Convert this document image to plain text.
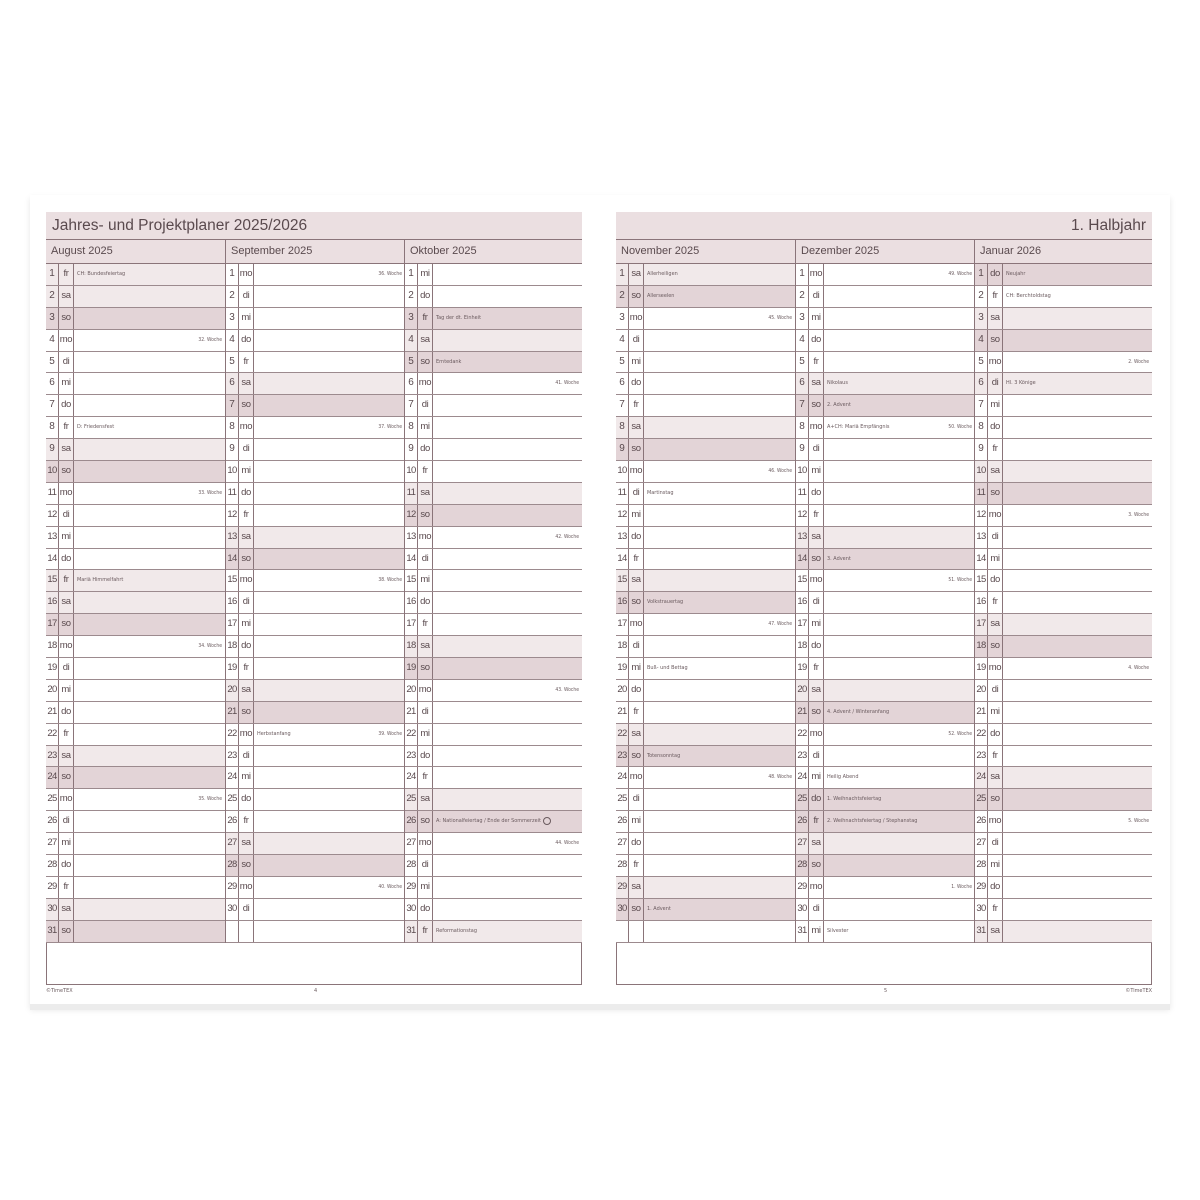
Jahres- und Projektplaner 2025/2026
August 2025
1 fr	CH: Bundesfeiertag
2 sa
3 so
4 mo	32. Woche
5 di
6 mi
7 do
8 fr	D: Friedensfest
9 sa
10 so
11 mo	33. Woche
12 di
13 mi
14 do
15 fr	Mariä Himmelfahrt
16 sa
17 so
18 mo	34. Woche
19 di
20 mi
21 do
22 fr
23 sa
24 so
25 mo	35. Woche
26 di
27 mi
28 do
29 fr
30 sa
31 so
September 2025
1 mo	36. Woche
2 di
3 mi
4 do
5 fr
6 sa
7 so
8 mo	37. Woche
9 di
10 mi
11 do
12 fr
13 sa
14 so
15 mo	38. Woche
16 di
17 mi
18 do
19 fr
20 sa
21 so
22 mo Herbstanfang	39. Woche
23 di
24 mi
25 do
26 fr
27 sa
28 so
29 mo	40. Woche
30 di
Oktober 2025
1 mi
2 do
3 fr	Tag der dt. Einheit
4 sa
5 so	Erntedank
6 mo	41. Woche
7 di
8 mi
9 do
10 fr
11 sa
12 so
13 mo	42. Woche
14 di
15 mi
16 do
17 fr
18 sa
19 so
20 mo	43. Woche
21 di
22 mi
23 do
24 fr
25 sa
26 so	A: Nationalfeiertag / Ende der Sommerzeit
27 mo	44. Woche
28 di
29 mi
30 do
31 fr	Reformationstag
©TimeTEX	4
1. Halbjahr
November 2025
1 sa	Allerheiligen
2 so	Allerseelen
3 mo	45. Woche
4 di
5 mi
6 do
7 fr
8 sa
9 so
10 mo	46. Woche
11 di	Martinstag
12 mi
13 do
14 fr
15 sa
16 so	Volkstrauertag
17 mo	47. Woche
18 di
19 mi	Buß- und Bettag
20 do
21 fr
22 sa
23 so	Totensonntag
24 mo	48. Woche
25 di
26 mi
27 do
28 fr
29 sa
30 so	1. Advent
Dezember 2025
1 mo	49. Woche
2 di
3 mi
4 do
5 fr
6 sa	Nikolaus
7 so	2. Advent
8 mo A+CH: Mariä Empfängnis	50. Woche
9 di
10 mi
11 do
12 fr
13 sa
14 so	3. Advent
15 mo	51. Woche
16 di
17 mi
18 do
19 fr
20 sa
21 so	4. Advent / Winteranfang
22 mo	52. Woche
23 di
24 mi	Heilig Abend
25 do	1. Weihnachtsfeiertag
26 fr	2. Weihnachtsfeiertag / Stephanstag
27 sa
28 so
29 mo	1. Woche
30 di
31 mi	Silvester
Januar 2026
1 do	Neujahr
2 fr	CH: Berchtoldstag
3 sa
4 so
5 mo	2. Woche
6 di	Hl. 3 Könige
7 mi
8 do
9 fr
10 sa
11 so
12 mo	3. Woche
13 di
14 mi
15 do
16 fr
17 sa
18 so
19 mo	4. Woche
20 di
21 mi
22 do
23 fr
24 sa
25 so
26 mo	5. Woche
27 di
28 mi
29 do
30 fr
31 sa
5	©TimeTEX
